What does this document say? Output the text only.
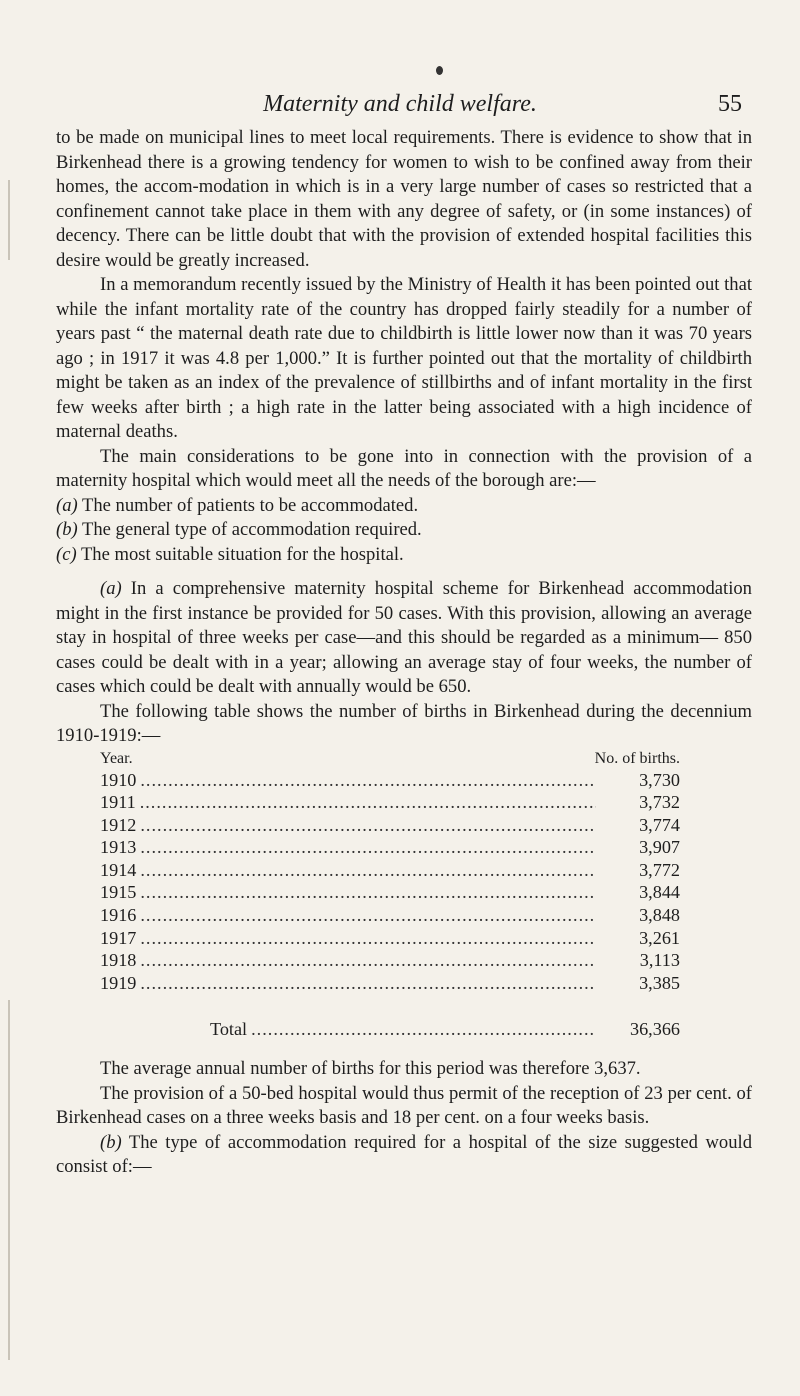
Maternity and child welfare.	55

to be made on municipal lines to meet local requirements. There is evidence to show that in Birkenhead there is a growing tendency for women to wish to be confined away from their homes, the accom-modation in which is in a very large number of cases so restricted that a confinement cannot take place in them with any degree of safety, or (in some instances) of decency. There can be little doubt that with the provision of extended hospital facilities this desire would be greatly increased.

In a memorandum recently issued by the Ministry of Health it has been pointed out that while the infant mortality rate of the country has dropped fairly steadily for a number of years past “ the maternal death rate due to childbirth is little lower now than it was 70 years ago ; in 1917 it was 4.8 per 1,000.” It is further pointed out that the mortality of childbirth might be taken as an index of the prevalence of stillbirths and of infant mortality in the first few weeks after birth ; a high rate in the latter being associated with a high incidence of maternal deaths.

The main considerations to be gone into in connection with the provision of a maternity hospital which would meet all the needs of the borough are:—

(a) The number of patients to be accommodated.

(b) The general type of accommodation required.

(c) The most suitable situation for the hospital.

(a) In a comprehensive maternity hospital scheme for Birkenhead accommodation might in the first instance be provided for 50 cases. With this provision, allowing an average stay in hospital of three weeks per case—and this should be regarded as a minimum— 850 cases could be dealt with in a year; allowing an average stay of four weeks, the number of cases which could be dealt with annually would be 650.

The following table shows the number of births in Birkenhead during the decennium 1910-1919:—

Year.	No. of births.
1910 .....	3,730
1911 .....	3,732
1912 .....	3,774
1913 .....	3,907
1914 .....	3,772
1915 .....	3,844
1916 .....	3,848
1917 .....	3,261
1918 .....	3,113
1919 .....	3,385
Total .....	36,366

The average annual number of births for this period was therefore 3,637.

The provision of a 50-bed hospital would thus permit of the reception of 23 per cent. of Birkenhead cases on a three weeks basis and 18 per cent. on a four weeks basis.

(b) The type of accommodation required for a hospital of the size suggested would consist of:—
